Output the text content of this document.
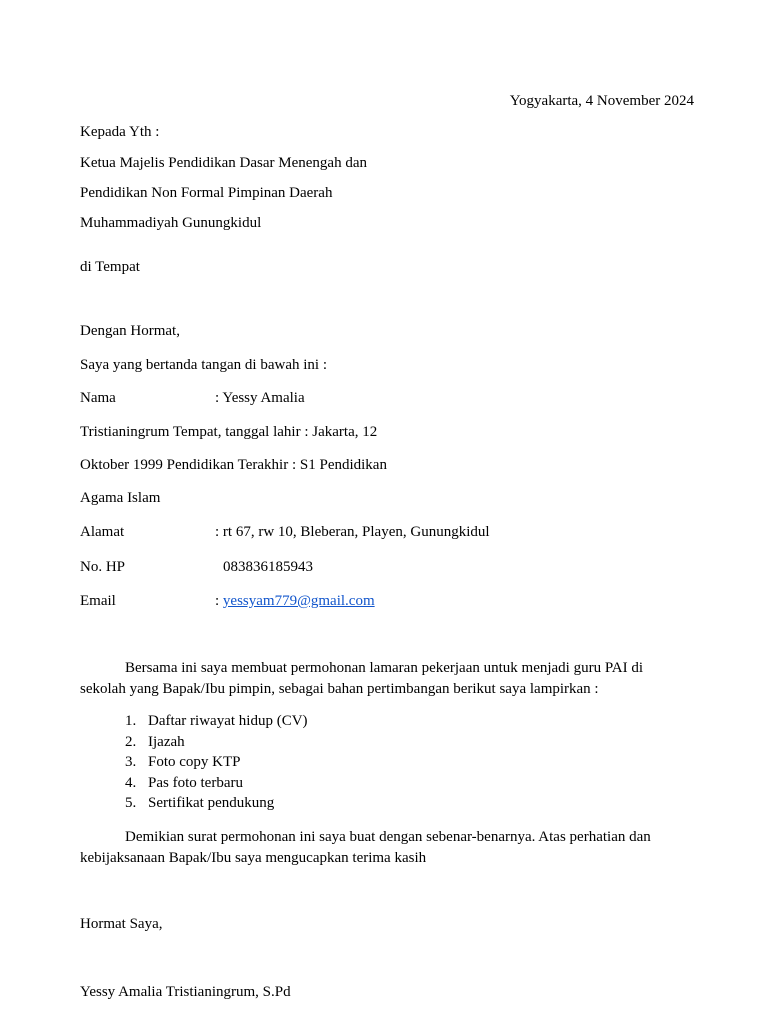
Yogyakarta, 4 November 2024
Kepada Yth :
Ketua Majelis Pendidikan Dasar Menengah dan
Pendidikan Non Formal Pimpinan Daerah
Muhammadiyah Gunungkidul
di Tempat
Dengan Hormat,
Saya yang bertanda tangan di bawah ini :
Nama	: Yessy Amalia
Tristianingrum Tempat, tanggal lahir : Jakarta, 12
Oktober 1999 Pendidikan Terakhir : S1 Pendidikan
Agama Islam
Alamat	: rt 67, rw 10, Bleberan, Playen, Gunungkidul
No. HP	083836185943
Email	: yessyam779@gmail.com
Bersama ini saya membuat permohonan lamaran pekerjaan untuk menjadi guru PAI di sekolah yang Bapak/Ibu pimpin, sebagai bahan pertimbangan berikut saya lampirkan :
1. Daftar riwayat hidup (CV)
2. Ijazah
3. Foto copy KTP
4. Pas foto terbaru
5. Sertifikat pendukung
Demikian surat permohonan ini saya buat dengan sebenar-benarnya. Atas perhatian dan kebijaksanaan Bapak/Ibu saya mengucapkan terima kasih
Hormat Saya,
Yessy Amalia Tristianingrum, S.Pd
